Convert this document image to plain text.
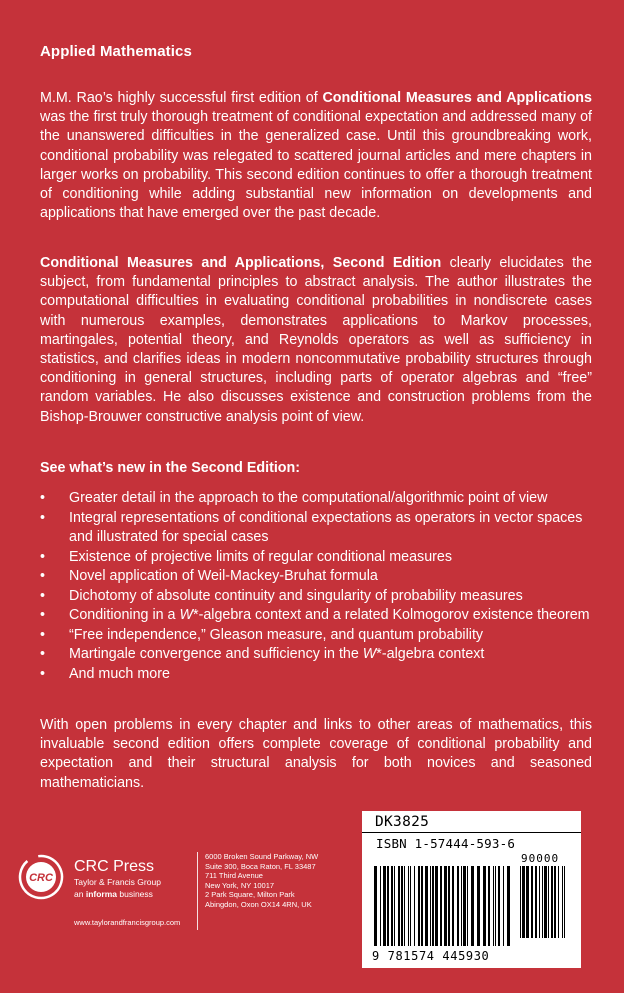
Applied Mathematics

M.M. Rao’s highly successful first edition of Conditional Measures and Applications was the first truly thorough treatment of conditional expectation and addressed many of the unanswered difficulties in the generalized case. Until this groundbreaking work, conditional probability was relegated to scattered journal articles and mere chapters in larger works on probability. This second edition continues to offer a thorough treatment of conditioning while adding substantial new information on developments and applications that have emerged over the past decade.

Conditional Measures and Applications, Second Edition clearly elucidates the subject, from fundamental principles to abstract analysis. The author illustrates the computational difficulties in evaluating conditional probabilities in nondiscrete cases with numerous examples, demonstrates applications to Markov processes, martingales, potential theory, and Reynolds operators as well as sufficiency in statistics, and clarifies ideas in modern noncommutative probability structures through conditioning in general structures, including parts of operator algebras and “free” random variables. He also discusses existence and construction problems from the Bishop-Brouwer constructive analysis point of view.

See what’s new in the Second Edition:
• Greater detail in the approach to the computational/algorithmic point of view
• Integral representations of conditional expectations as operators in vector spaces and illustrated for special cases
• Existence of projective limits of regular conditional measures
• Novel application of Weil-Mackey-Bruhat formula
• Dichotomy of absolute continuity and singularity of probability measures
• Conditioning in a W*-algebra context and a related Kolmogorov existence theorem
• “Free independence,” Gleason measure, and quantum probability
• Martingale convergence and sufficiency in the W*-algebra context
• And much more

With open problems in every chapter and links to other areas of mathematics, this invaluable second edition offers complete coverage of conditional probability and expectation and their structural analysis for both novices and seasoned mathematicians.

CRC
CRC Press
Taylor & Francis Group
an informa business
www.taylorandfrancisgroup.com
6000 Broken Sound Parkway, NW
Suite 300, Boca Raton, FL 33487
711 Third Avenue
New York, NY 10017
2 Park Square, Milton Park
Abingdon, Oxon OX14 4RN, UK
DK3825
ISBN 1-57444-593-6
90000
9 781574 445930
